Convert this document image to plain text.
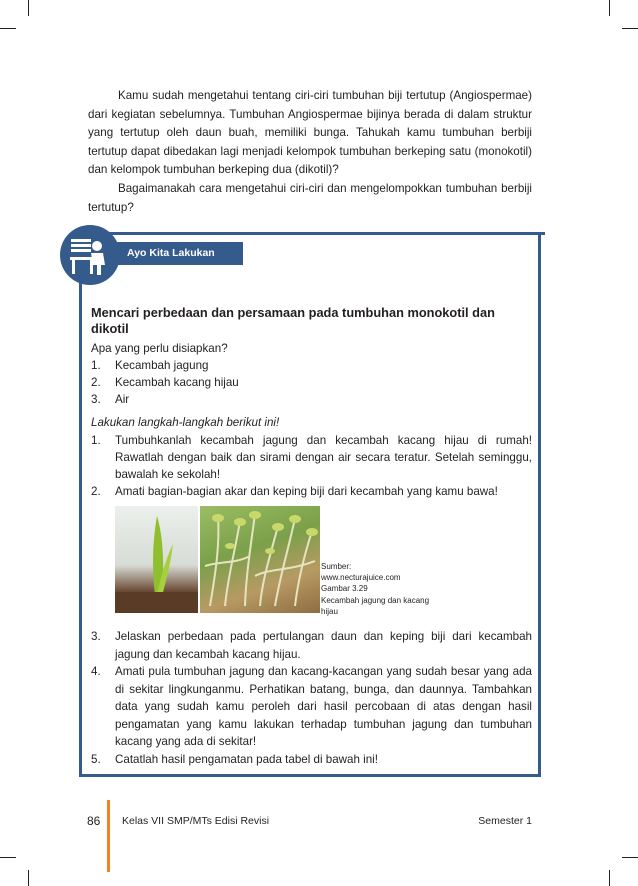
Kamu sudah mengetahui tentang ciri-ciri tumbuhan biji tertutup (Angiospermae) dari kegiatan sebelumnya. Tumbuhan Angiospermae bijinya berada di dalam struktur yang tertutup oleh daun buah, memiliki bunga. Tahukah kamu tumbuhan berbiji tertutup dapat dibedakan lagi menjadi kelompok tumbuhan berkeping satu (monokotil) dan kelompok tumbuhan berkeping dua (dikotil)?

Bagaimanakah cara mengetahui ciri-ciri dan mengelompokkan tumbuhan berbiji tertutup?

Ayo Kita Lakukan

Mencari perbedaan dan persamaan pada tumbuhan monokotil dan dikotil

Apa yang perlu disiapkan?

1. Kecambah jagung
2. Kecambah kacang hijau
3. Air

Lakukan langkah-langkah berikut ini!

1. Tumbuhkanlah kecambah jagung dan kecambah kacang hijau di rumah! Rawatlah dengan baik dan sirami dengan air secara teratur. Setelah seminggu, bawalah ke sekolah!
2. Amati bagian-bagian akar dan keping biji dari kecambah yang kamu bawa!
Sumber:
www.necturajuice.com
Gambar 3.29
Kecambah jagung dan kacang hijau
3. Jelaskan perbedaan pada pertulangan daun dan keping biji dari kecambah jagung dan kecambah kacang hijau.
4. Amati pula tumbuhan jagung dan kacang-kacangan yang sudah besar yang ada di sekitar lingkunganmu. Perhatikan batang, bunga, dan daunnya. Tambahkan data yang sudah kamu peroleh dari hasil percobaan di atas dengan hasil pengamatan yang kamu lakukan terhadap tumbuhan jagung dan tumbuhan kacang yang ada di sekitar!
5. Catatlah hasil pengamatan pada tabel di bawah ini!
86 Kelas VII SMP/MTs Edisi Revisi	Semester 1
